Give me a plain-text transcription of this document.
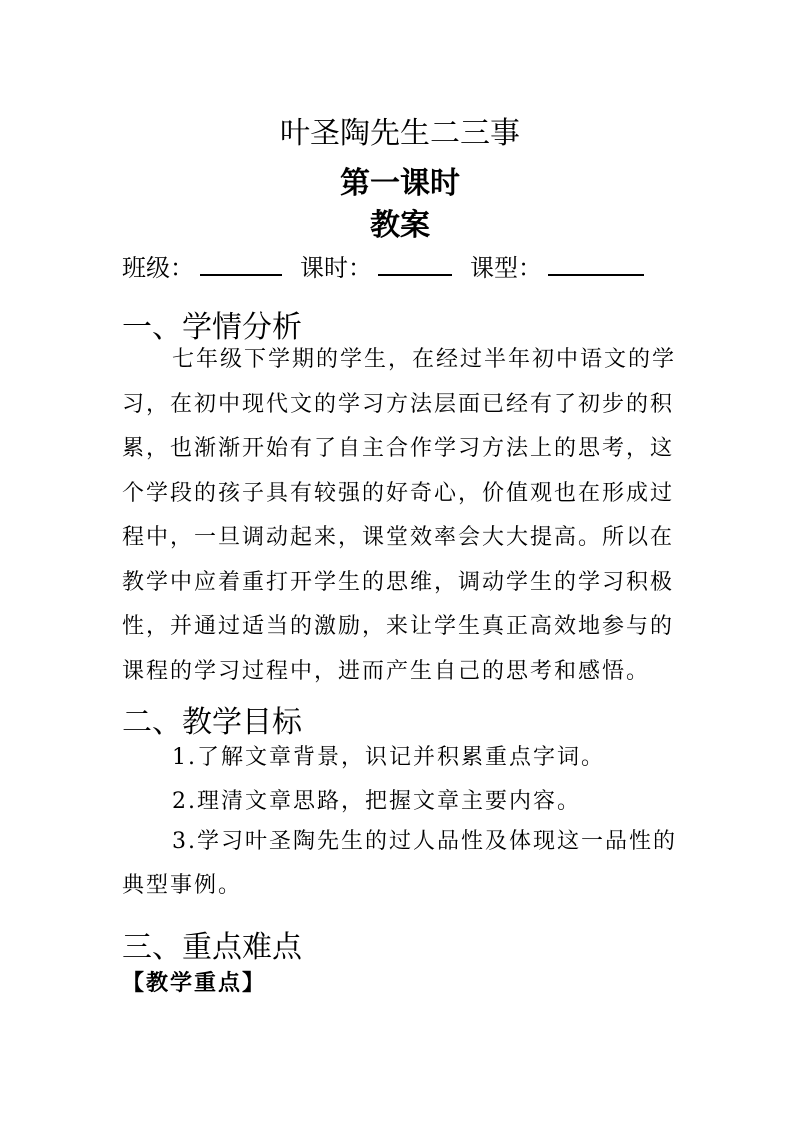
叶圣陶先生二三事
第一课时
教案
班级：	课时：	课型：
一、学情分析
七年级下学期的学生，在经过半年初中语文的学
习，在初中现代文的学习方法层面已经有了初步的积
累，也渐渐开始有了自主合作学习方法上的思考，这
个学段的孩子具有较强的好奇心，价值观也在形成过
程中，一旦调动起来，课堂效率会大大提高。所以在
教学中应着重打开学生的思维，调动学生的学习积极
性，并通过适当的激励，来让学生真正高效地参与的
课程的学习过程中，进而产生自己的思考和感悟。
二、教学目标
1.了解文章背景，识记并积累重点字词。
2.理清文章思路，把握文章主要内容。
3.学习叶圣陶先生的过人品性及体现这一品性的
典型事例。
三、重点难点
【教学重点】
